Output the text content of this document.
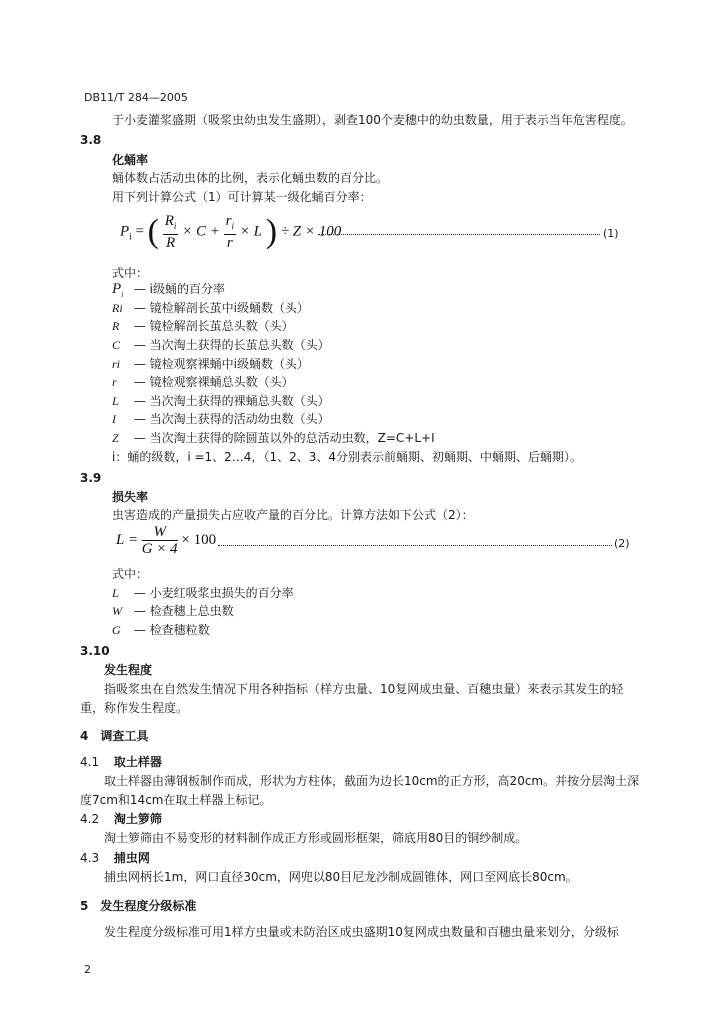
DB11/T 284—2005
于小麦灌浆盛期（吸浆虫幼虫发生盛期），剥查100个麦穗中的幼虫数量，用于表示当年危害程度。
3.8
化蛹率
蛹体数占活动虫体的比例，表示化蛹虫数的百分比。
用下列计算公式（1）可计算某一级化蛹百分率：
$P_i$ = ( $\frac{R_i}{R} \times C + \frac{r_i}{r} \times L$ ) ÷ Z × 100	(1)
式中：
$P_i$ — i级蛹的百分率
Ri — 镜检解剖长茧中i级蛹数（头）
R — 镜检解剖长茧总头数（头）
C — 当次淘土获得的长茧总头数（头）
ri — 镜检观察裸蛹中i级蛹数（头）
r — 镜检观察裸蛹总头数（头）
L — 当次淘土获得的裸蛹总头数（头）
I — 当次淘土获得的活动幼虫数（头）
Z — 当次淘土获得的除圆茧以外的总活动虫数，Z=C+L+I
i：蛹的级数，i =1、2…4，（1、2、3、4分别表示前蛹期、初蛹期、中蛹期、后蛹期）。
3.9
损失率
虫害造成的产量损失占应收产量的百分比。计算方法如下公式（2）：
$L = \frac{W}{G \times 4} \times 100$	(2)
式中：
L — 小麦红吸浆虫损失的百分率
W — 检查穗上总虫数
G — 检查穗粒数
3.10
发生程度
指吸浆虫在自然发生情况下用各种指标（样方虫量、10复网成虫量、百穗虫量）来表示其发生的轻
重，称作发生程度。
4　调查工具
4.1 取土样器
取土样器由薄钢板制作而成，形状为方柱体，截面为边长10cm的正方形，高20cm。并按分层淘土深
度7cm和14cm在取土样器上标记。
4.2 淘土箩筛
淘土箩筛由不易变形的材料制作成正方形或圆形框架，筛底用80目的铜纱制成。
4.3 捕虫网
捕虫网柄长1m，网口直径30cm，网兜以80目尼龙沙制成圆锥体，网口至网底长80cm。
5　发生程度分级标准
发生程度分级标准可用1样方虫量或未防治区成虫盛期10复网成虫数量和百穗虫量来划分，分级标
2
